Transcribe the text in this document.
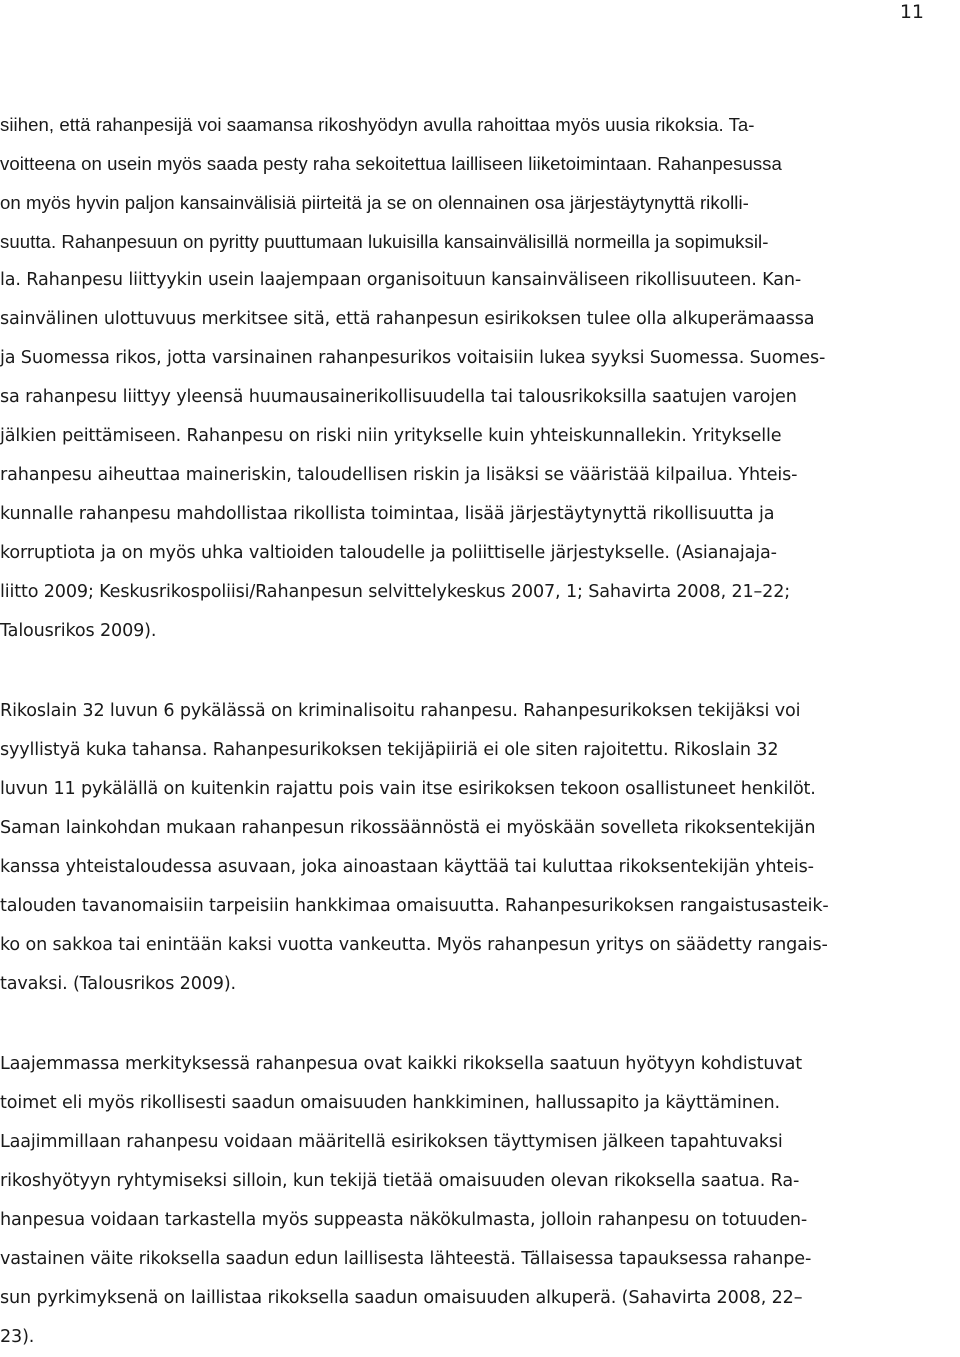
11
siihen, että rahanpesijä voi saamansa rikoshyödyn avulla rahoittaa myös uusia rikoksia. Ta-
voitteena on usein myös saada pesty raha sekoitettua lailliseen liiketoimintaan. Rahanpesussa
on myös hyvin paljon kansainvälisiä piirteitä ja se on olennainen osa järjestäytynyttä rikolli-
suutta. Rahanpesuun on pyritty puuttumaan lukuisilla kansainvälisillä normeilla ja sopimuksil-
la. Rahanpesu liittyykin usein laajempaan organisoituun kansainväliseen rikollisuuteen. Kan-
sainvälinen ulottuvuus merkitsee sitä, että rahanpesun esirikoksen tulee olla alkuperämaassa
ja Suomessa rikos, jotta varsinainen rahanpesurikos voitaisiin lukea syyksi Suomessa. Suomes-
sa rahanpesu liittyy yleensä huumausainerikollisuudella tai talousrikoksilla saatujen varojen
jälkien peittämiseen. Rahanpesu on riski niin yritykselle kuin yhteiskunnallekin. Yritykselle
rahanpesu aiheuttaa maineriskin, taloudellisen riskin ja lisäksi se vääristää kilpailua. Yhteis-
kunnalle rahanpesu mahdollistaa rikollista toimintaa, lisää järjestäytynyttä rikollisuutta ja
korruptiota ja on myös uhka valtioiden taloudelle ja poliittiselle järjestykselle. (Asianajaja-
liitto 2009; Keskusrikospoliisi/Rahanpesun selvittelykeskus 2007, 1; Sahavirta 2008, 21–22;
Talousrikos 2009).
Rikoslain 32 luvun 6 pykälässä on kriminalisoitu rahanpesu. Rahanpesurikoksen tekijäksi voi
syyllistyä kuka tahansa. Rahanpesurikoksen tekijäpiiriä ei ole siten rajoitettu. Rikoslain 32
luvun 11 pykälällä on kuitenkin rajattu pois vain itse esirikoksen tekoon osallistuneet henkilöt.
Saman lainkohdan mukaan rahanpesun rikossäännöstä ei myöskään sovelleta rikoksentekijän
kanssa yhteistaloudessa asuvaan, joka ainoastaan käyttää tai kuluttaa rikoksentekijän yhteis-
talouden tavanomaisiin tarpeisiin hankkimaa omaisuutta. Rahanpesurikoksen rangaistusasteik-
ko on sakkoa tai enintään kaksi vuotta vankeutta. Myös rahanpesun yritys on säädetty rangais-
tavaksi. (Talousrikos 2009).
Laajemmassa merkityksessä rahanpesua ovat kaikki rikoksella saatuun hyötyyn kohdistuvat
toimet eli myös rikollisesti saadun omaisuuden hankkiminen, hallussapito ja käyttäminen.
Laajimmillaan rahanpesu voidaan määritellä esirikoksen täyttymisen jälkeen tapahtuvaksi
rikoshyötyyn ryhtymiseksi silloin, kun tekijä tietää omaisuuden olevan rikoksella saatua. Ra-
hanpesua voidaan tarkastella myös suppeasta näkökulmasta, jolloin rahanpesu on totuuden-
vastainen väite rikoksella saadun edun laillisesta lähteestä. Tällaisessa tapauksessa rahanpe-
sun pyrkimyksenä on laillistaa rikoksella saadun omaisuuden alkuperä. (Sahavirta 2008, 22–
23).
